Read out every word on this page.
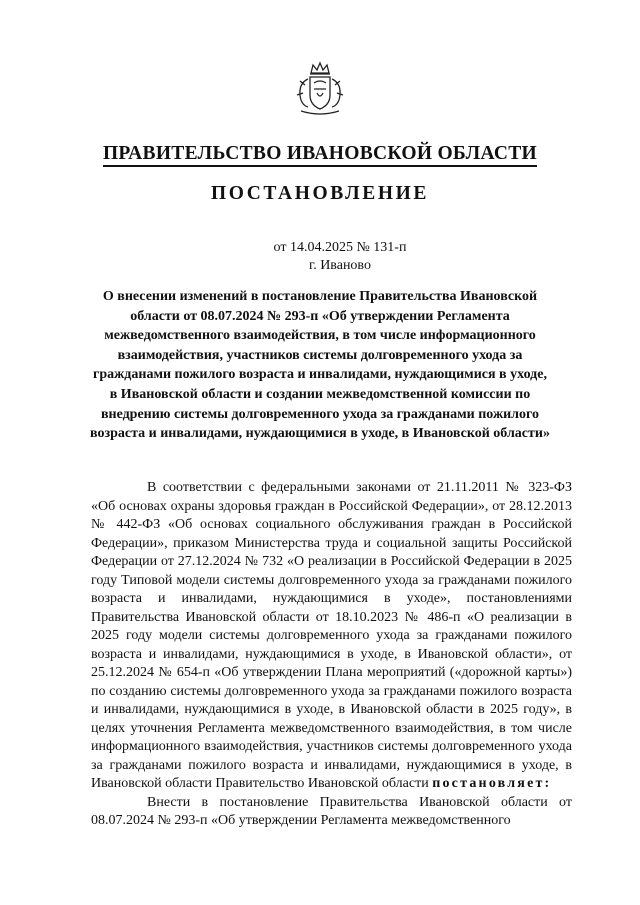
ПРАВИТЕЛЬСТВО ИВАНОВСКОЙ ОБЛАСТИ
ПОСТАНОВЛЕНИЕ
от 14.04.2025 № 131-п
г. Иваново
О внесении изменений в постановление Правительства Ивановской области от 08.07.2024 № 293-п «Об утверждении Регламента межведомственного взаимодействия, в том числе информационного взаимодействия, участников системы долговременного ухода за гражданами пожилого возраста и инвалидами, нуждающимися в уходе, в Ивановской области и создании межведомственной комиссии по внедрению системы долговременного ухода за гражданами пожилого возраста и инвалидами, нуждающимися в уходе, в Ивановской области»

В соответствии с федеральными законами от 21.11.2011 № 323-ФЗ «Об основах охраны здоровья граждан в Российской Федерации», от 28.12.2013 № 442-ФЗ «Об основах социального обслуживания граждан в Российской Федерации», приказом Министерства труда и социальной защиты Российской Федерации от 27.12.2024 № 732 «О реализации в Российской Федерации в 2025 году Типовой модели системы долговременного ухода за гражданами пожилого возраста и инвалидами, нуждающимися в уходе», постановлениями Правительства Ивановской области от 18.10.2023 № 486-п «О реализации в 2025 году модели системы долговременного ухода за гражданами пожилого возраста и инвалидами, нуждающимися в уходе, в Ивановской области», от 25.12.2024 № 654-п «Об утверждении Плана мероприятий («дорожной карты») по созданию системы долговременного ухода за гражданами пожилого возраста и инвалидами, нуждающимися в уходе, в Ивановской области в 2025 году», в целях уточнения Регламента межведомственного взаимодействия, в том числе информационного взаимодействия, участников системы долговременного ухода за гражданами пожилого возраста и инвалидами, нуждающимися в уходе, в Ивановской области Правительство Ивановской области постановляет:

Внести в постановление Правительства Ивановской области от 08.07.2024 № 293-п «Об утверждении Регламента межведомственного
